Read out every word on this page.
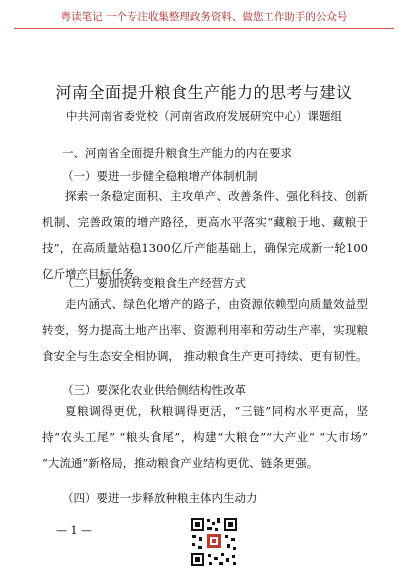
粤读笔记 一个专注收集整理政务资料、做您工作助手的公众号
河南全面提升粮食生产能力的思考与建议
中共河南省委党校（河南省政府发展研究中心）课题组
一、河南省全面提升粮食生产能力的内在要求
（一）要进一步健全稳粮增产体制机制
探索一条稳定面积、主攻单产、改善条件、强化科技、创新机制、完善政策的增产路径，更高水平落实“藏粮于地、藏粮于技”，在高质量站稳1300亿斤产能基础上，确保完成新一轮100亿斤增产目标任务。
（二）要加快转变粮食生产经营方式
走内涵式、绿色化增产的路子，由资源依赖型向质量效益型转变，努力提高土地产出率、资源利用率和劳动生产率，实现粮食安全与生态安全相协调， 推动粮食生产更可持续、更有韧性。
（三）要深化农业供给侧结构性改革
夏粮调得更优，秋粮调得更活，“三链”同构水平更高，坚持“农头工尾” “粮头食尾”，构建“大粮仓”“大产业” “大市场” “大流通”新格局，推动粮食产业结构更优、链条更强。
（四）要进一步释放种粮主体内生动力
— 1 —
